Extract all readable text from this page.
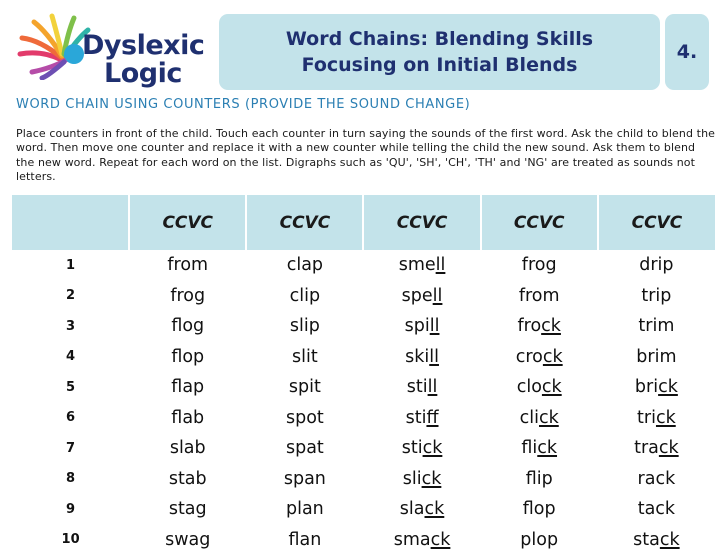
Dyslexic
Logic
Word Chains: Blending Skills
Focusing on Initial Blends
4.
WORD CHAIN USING COUNTERS (PROVIDE THE SOUND CHANGE)
Place counters in front of the child. Touch each counter in turn saying the sounds of the first word. Ask the child to blend the word. Then move one counter and replace it with a new counter while telling the child the new sound. Ask them to blend the new word. Repeat for each word on the list. Digraphs such as 'QU', 'SH', 'CH', 'TH' and 'NG' are treated as sounds not letters.
	CCVC	CCVC	CCVC	CCVC	CCVC
1	from	clap	smell	frog	drip
2	frog	clip	spell	from	trip
3	flog	slip	spill	frock	trim
4	flop	slit	skill	crock	brim
5	flap	spit	still	clock	brick
6	flab	spot	stiff	click	trick
7	slab	spat	stick	flick	track
8	stab	span	slick	flip	rack
9	stag	plan	slack	flop	tack
10	swag	flan	smack	plop	stack
